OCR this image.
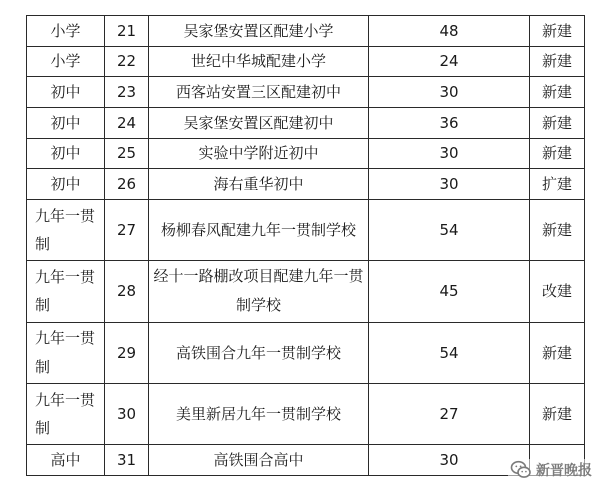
小学	21	吴家堡安置区配建小学	48	新建
小学	22	世纪中华城配建小学	24	新建
初中	23	西客站安置三区配建初中	30	新建
初中	24	吴家堡安置区配建初中	36	新建
初中	25	实验中学附近初中	30	新建
初中	26	海右重华初中	30	扩建
九年一贯制	27	杨柳春风配建九年一贯制学校	54	新建
九年一贯制	28	经十一路棚改项目配建九年一贯制学校	45	改建
九年一贯制	29	高铁围合九年一贯制学校	54	新建
九年一贯制	30	美里新居九年一贯制学校	27	新建
高中	31	高铁围合高中	30	
新晋晚报
